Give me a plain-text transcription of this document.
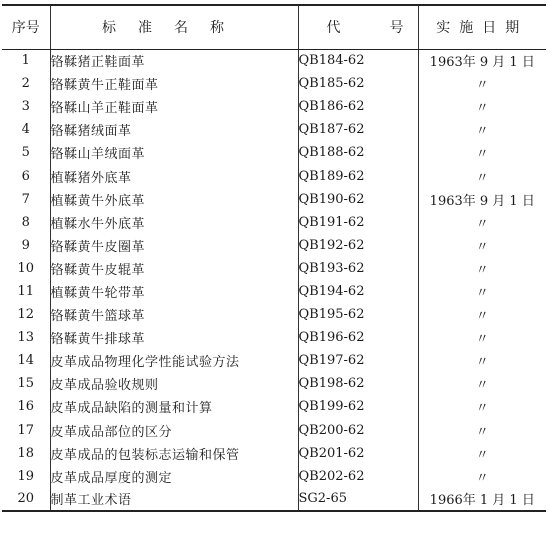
序号	标准名称	代 号	实施日期
1	铬鞣猪正鞋面革	QB184-62	1963年 9 月 1 日
2	铬鞣黄牛正鞋面革	QB185-62	〃
3	铬鞣山羊正鞋面革	QB186-62	〃
4	铬鞣猪绒面革	QB187-62	〃
5	铬鞣山羊绒面革	QB188-62	〃
6	植鞣猪外底革	QB189-62	〃
7	植鞣黄牛外底革	QB190-62	1963年 9 月 1 日
8	植鞣水牛外底革	QB191-62	〃
9	铬鞣黄牛皮圈革	QB192-62	〃
10	铬鞣黄牛皮辊革	QB193-62	〃
11	植鞣黄牛轮带革	QB194-62	〃
12	铬鞣黄牛篮球革	QB195-62	〃
13	铬鞣黄牛排球革	QB196-62	〃
14	皮革成品物理化学性能试验方法	QB197-62	〃
15	皮革成品验收规则	QB198-62	〃
16	皮革成品缺陷的测量和计算	QB199-62	〃
17	皮革成品部位的区分	QB200-62	〃
18	皮革成品的包装标志运输和保管	QB201-62	〃
19	皮革成品厚度的测定	QB202-62	〃
20	制革工业术语	SG2-65	1966年 1 月 1 日
